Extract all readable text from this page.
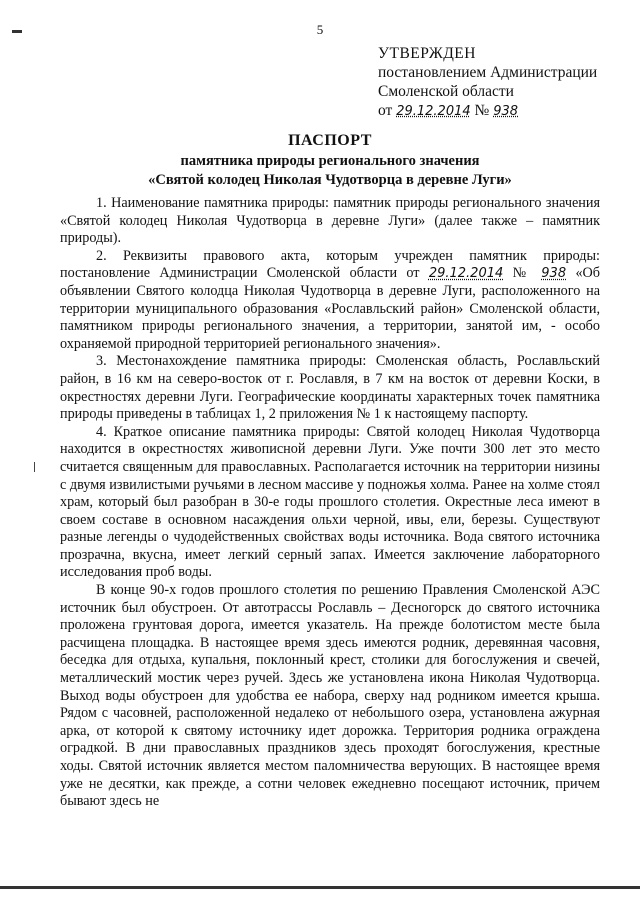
5
УТВЕРЖДЕН
постановлением Администрации
Смоленской области
от 29.12.2014 № 938
ПАСПОРТ
памятника природы регионального значения
«Святой колодец Николая Чудотворца в деревне Луги»

1. Наименование памятника природы: памятник природы регионального значения «Святой колодец Николая Чудотворца в деревне Луги» (далее также – памятник природы).

2. Реквизиты правового акта, которым учрежден памятник природы: постановление Администрации Смоленской области от 29.12.2014 № 938 «Об объявлении Святого колодца Николая Чудотворца в деревне Луги, расположенного на территории муниципального образования «Рославльский район» Смоленской области, памятником природы регионального значения, а территории, занятой им, - особо охраняемой природной территорией регионального значения».

3. Местонахождение памятника природы: Смоленская область, Рославльский район, в 16 км на северо-восток от г. Рославля, в 7 км на восток от деревни Коски, в окрестностях деревни Луги. Географические координаты характерных точек памятника природы приведены в таблицах 1, 2 приложения № 1 к настоящему паспорту.

4. Краткое описание памятника природы: Святой колодец Николая Чудотворца находится в окрестностях живописной деревни Луги. Уже почти 300 лет это место считается священным для православных. Располагается источник на территории низины с двумя извилистыми ручьями в лесном массиве у подножья холма. Ранее на холме стоял храм, который был разобран в 30-е годы прошлого столетия. Окрестные леса имеют в своем составе в основном насаждения ольхи черной, ивы, ели, березы. Существуют разные легенды о чудодейственных свойствах воды источника. Вода святого источника прозрачна, вкусна, имеет легкий серный запах. Имеется заключение лабораторного исследования проб воды.

В конце 90-х годов прошлого столетия по решению Правления Смоленской АЭС источник был обустроен. От автотрассы Рославль – Десногорск до святого источника проложена грунтовая дорога, имеется указатель. На прежде болотистом месте была расчищена площадка. В настоящее время здесь имеются родник, деревянная часовня, беседка для отдыха, купальня, поклонный крест, столики для богослужения и свечей, металлический мостик через ручей. Здесь же установлена икона Николая Чудотворца. Выход воды обустроен для удобства ее набора, сверху над родником имеется крыша. Рядом с часовней, расположенной недалеко от небольшого озера, установлена ажурная арка, от которой к святому источнику идет дорожка. Территория родника ограждена оградкой. В дни православных праздников здесь проходят богослужения, крестные ходы. Святой источник является местом паломничества верующих. В настоящее время уже не десятки, как прежде, а сотни человек ежедневно посещают источник, причем бывают здесь не
